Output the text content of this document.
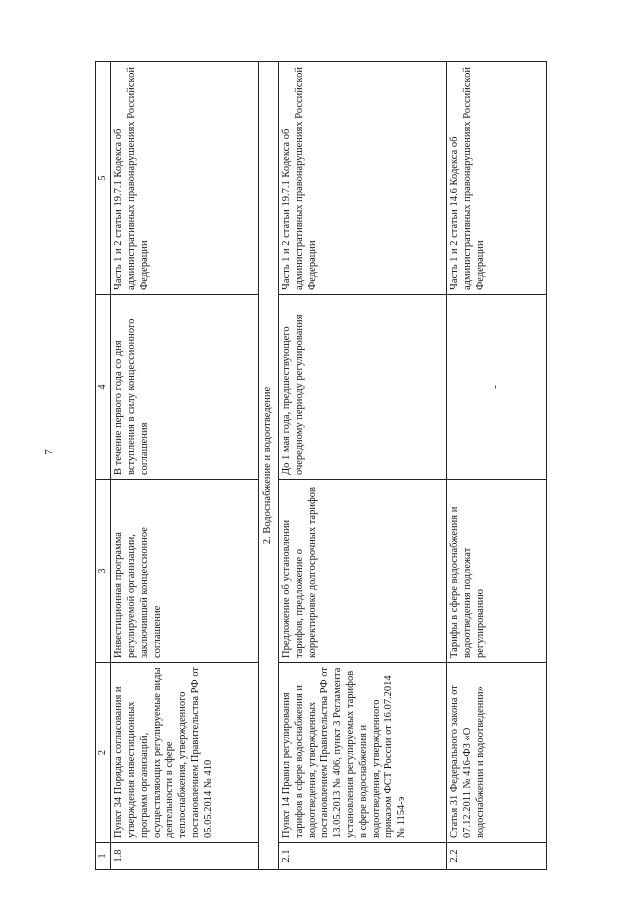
7
1	2	3	4	5
1.8	Пункт 34 Порядка согласования и утверждения инвестиционных программ организаций, осуществляющих регулируемые виды деятельности в сфере теплоснабжения, утвержденного постановлением Правительства РФ от 05.05.2014 № 410	Инвестиционная программа регулируемой организации, заключившей концессионное соглашение	В течение первого года со дня вступления в силу концессионного соглашения	Часть 1 и 2 статьи 19.7.1 Кодекса об административных правонарушениях Российской Федерации
2. Водоснабжение и водоотведение				
2.1	Пункт 14 Правил регулирования тарифов в сфере водоснабжения и водоотведения, утвержденных постановлением Правительства РФ от 13.05.2013 № 406, пункт 3 Регламента установления регулируемых тарифов в сфере водоснабжения и водоотведения, утвержденного приказом ФСТ России от 16.07.2014 № 1154-э	Предложение об установлении тарифов, предложение о корректировке долгосрочных тарифов	До 1 мая года, предшествующего очередному периоду регулирования	Часть 1 и 2 статьи 19.7.1 Кодекса об административных правонарушениях Российской Федерации
2.2	Статья 31 Федерального закона от 07.12.2011 № 416-ФЗ «О водоснабжении и водоотведении»	Тарифы в сфере водоснабжения и водоотведения подлежат регулированию	-	Часть 1 и 2 статьи 14.6 Кодекса об административных правонарушениях Российской Федерации
